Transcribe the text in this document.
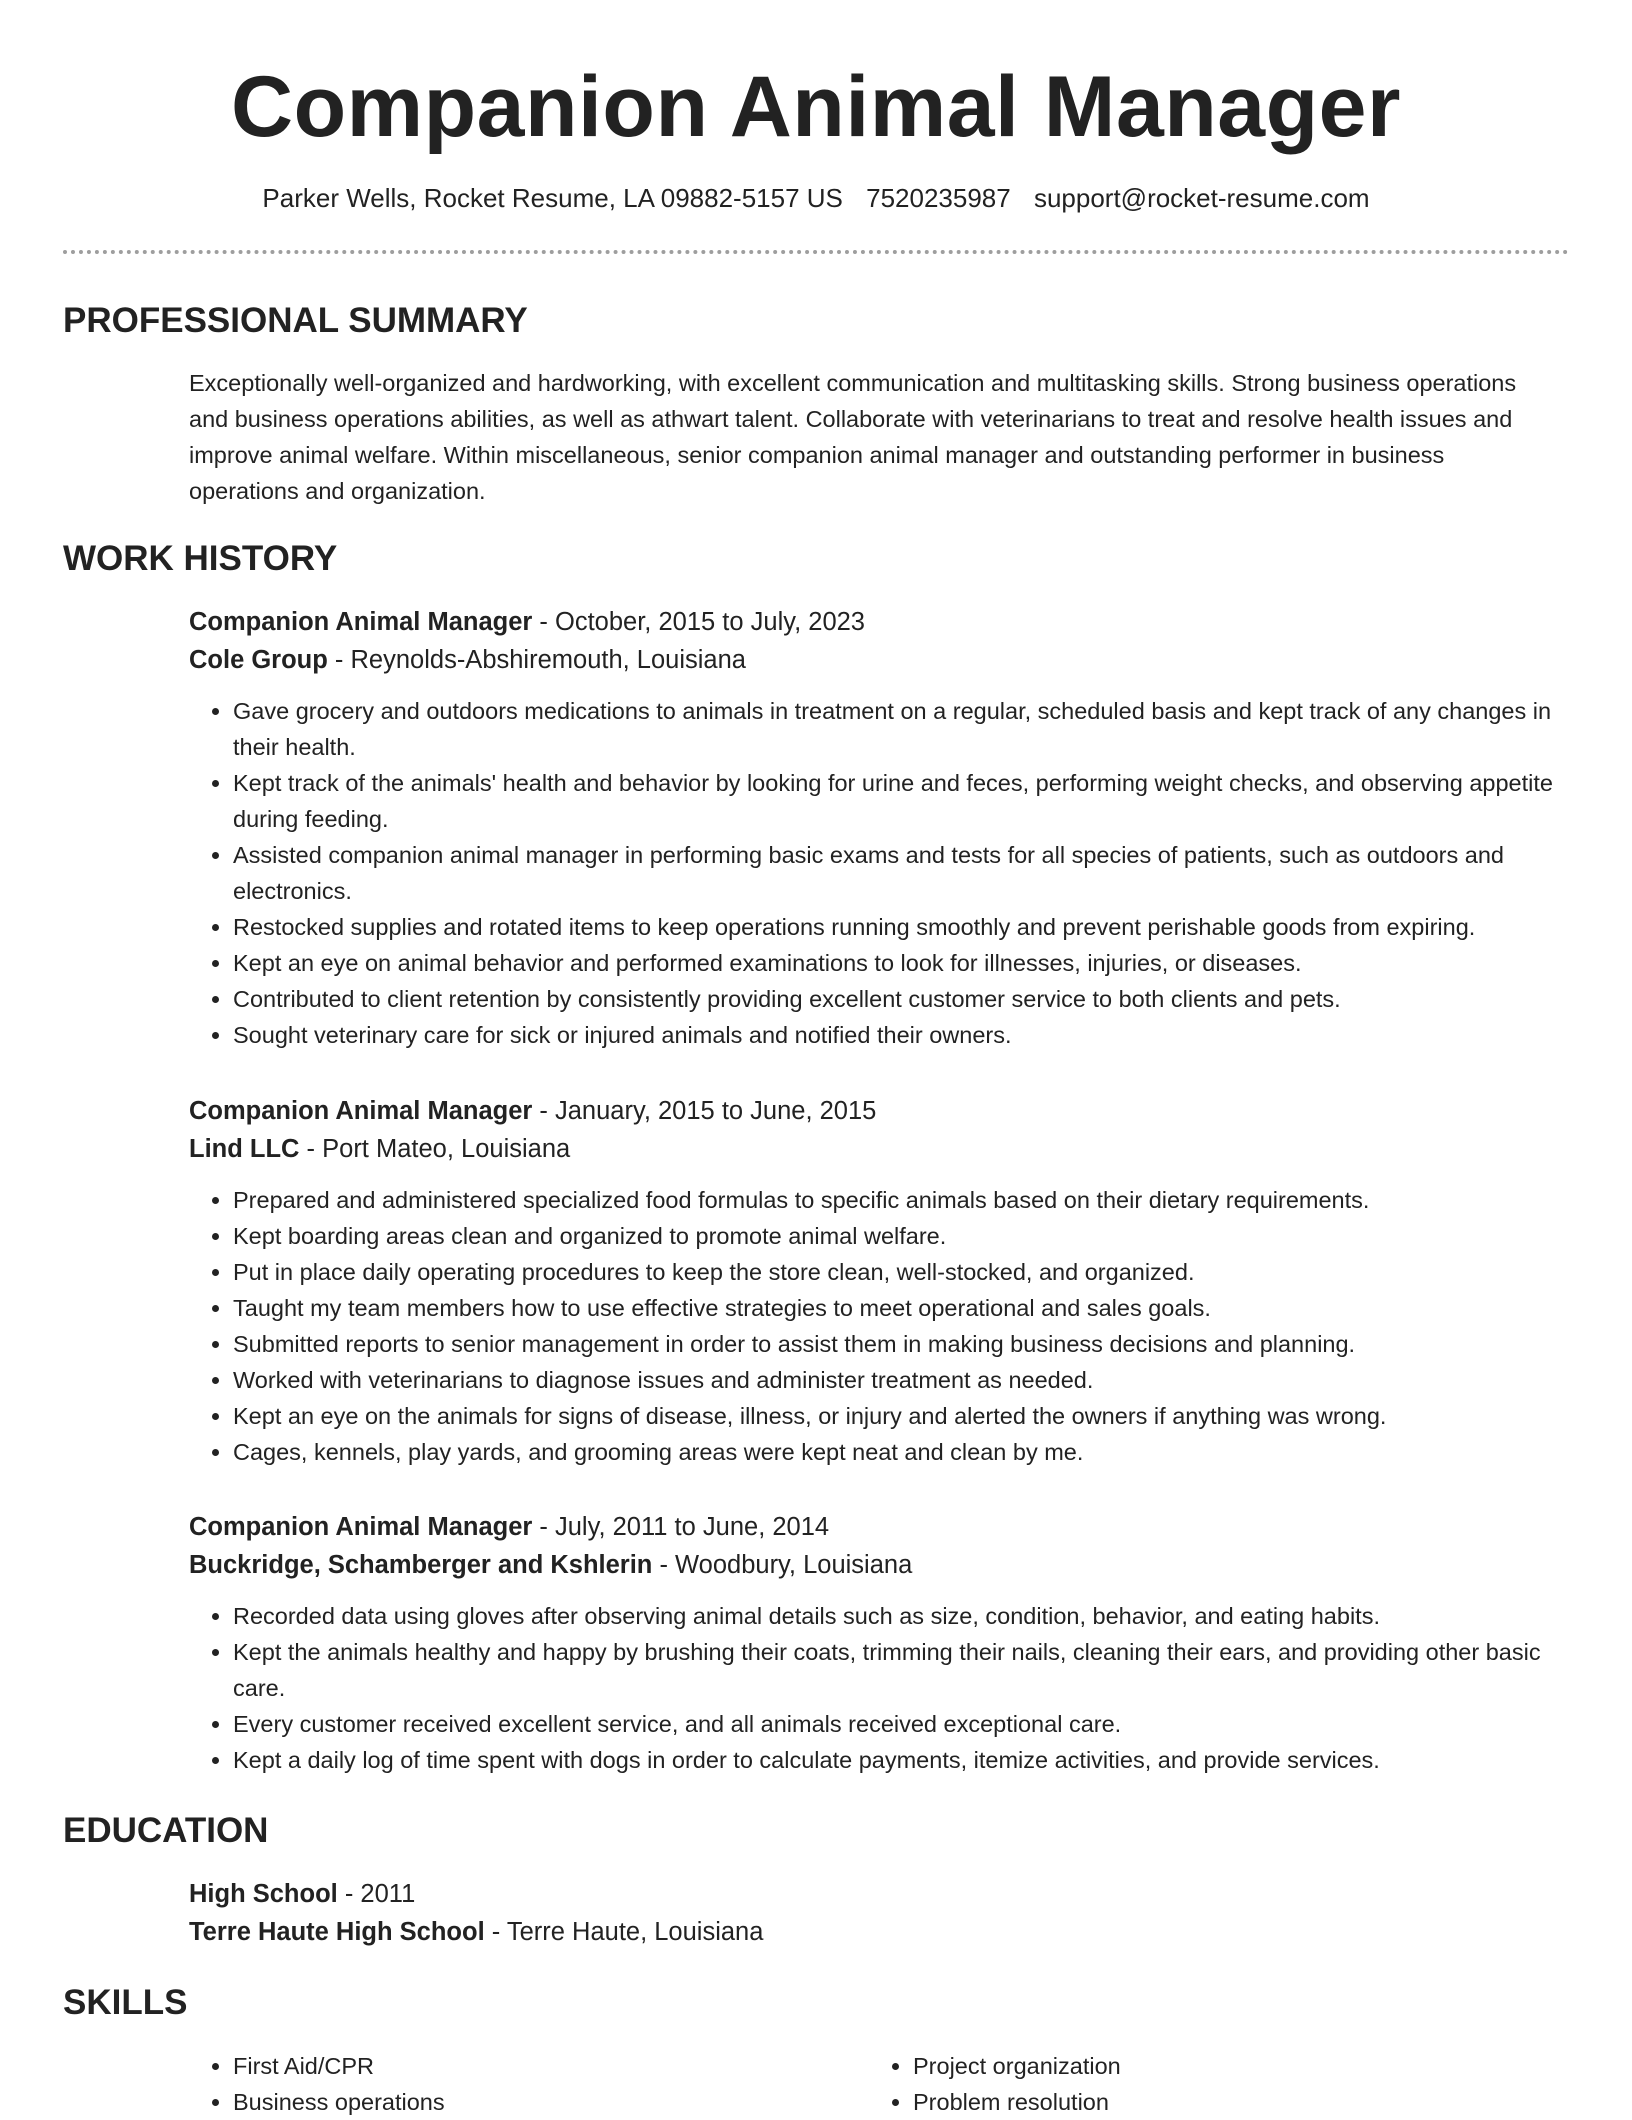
Companion Animal Manager
Parker Wells, Rocket Resume, LA 09882-5157 US 7520235987 support@rocket-resume.com
PROFESSIONAL SUMMARY

Exceptionally well-organized and hardworking, with excellent communication and multitasking skills. Strong business operations and business operations abilities, as well as athwart talent. Collaborate with veterinarians to treat and resolve health issues and improve animal welfare. Within miscellaneous, senior companion animal manager and outstanding performer in business operations and organization.

WORK HISTORY
Companion Animal Manager - October, 2015 to July, 2023
Cole Group - Reynolds-Abshiremouth, Louisiana
• Gave grocery and outdoors medications to animals in treatment on a regular, scheduled basis and kept track of any changes in their health.
• Kept track of the animals' health and behavior by looking for urine and feces, performing weight checks, and observing appetite during feeding.
• Assisted companion animal manager in performing basic exams and tests for all species of patients, such as outdoors and electronics.
• Restocked supplies and rotated items to keep operations running smoothly and prevent perishable goods from expiring.
• Kept an eye on animal behavior and performed examinations to look for illnesses, injuries, or diseases.
• Contributed to client retention by consistently providing excellent customer service to both clients and pets.
• Sought veterinary care for sick or injured animals and notified their owners.
Companion Animal Manager - January, 2015 to June, 2015
Lind LLC - Port Mateo, Louisiana
• Prepared and administered specialized food formulas to specific animals based on their dietary requirements.
• Kept boarding areas clean and organized to promote animal welfare.
• Put in place daily operating procedures to keep the store clean, well-stocked, and organized.
• Taught my team members how to use effective strategies to meet operational and sales goals.
• Submitted reports to senior management in order to assist them in making business decisions and planning.
• Worked with veterinarians to diagnose issues and administer treatment as needed.
• Kept an eye on the animals for signs of disease, illness, or injury and alerted the owners if anything was wrong.
• Cages, kennels, play yards, and grooming areas were kept neat and clean by me.
Companion Animal Manager - July, 2011 to June, 2014
Buckridge, Schamberger and Kshlerin - Woodbury, Louisiana
• Recorded data using gloves after observing animal details such as size, condition, behavior, and eating habits.
• Kept the animals healthy and happy by brushing their coats, trimming their nails, cleaning their ears, and providing other basic care.
• Every customer received excellent service, and all animals received exceptional care.
• Kept a daily log of time spent with dogs in order to calculate payments, itemize activities, and provide services.
EDUCATION
High School - 2011
Terre Haute High School - Terre Haute, Louisiana
SKILLS
• First Aid/CPR
• Business operations
• Project organization
• Problem resolution
